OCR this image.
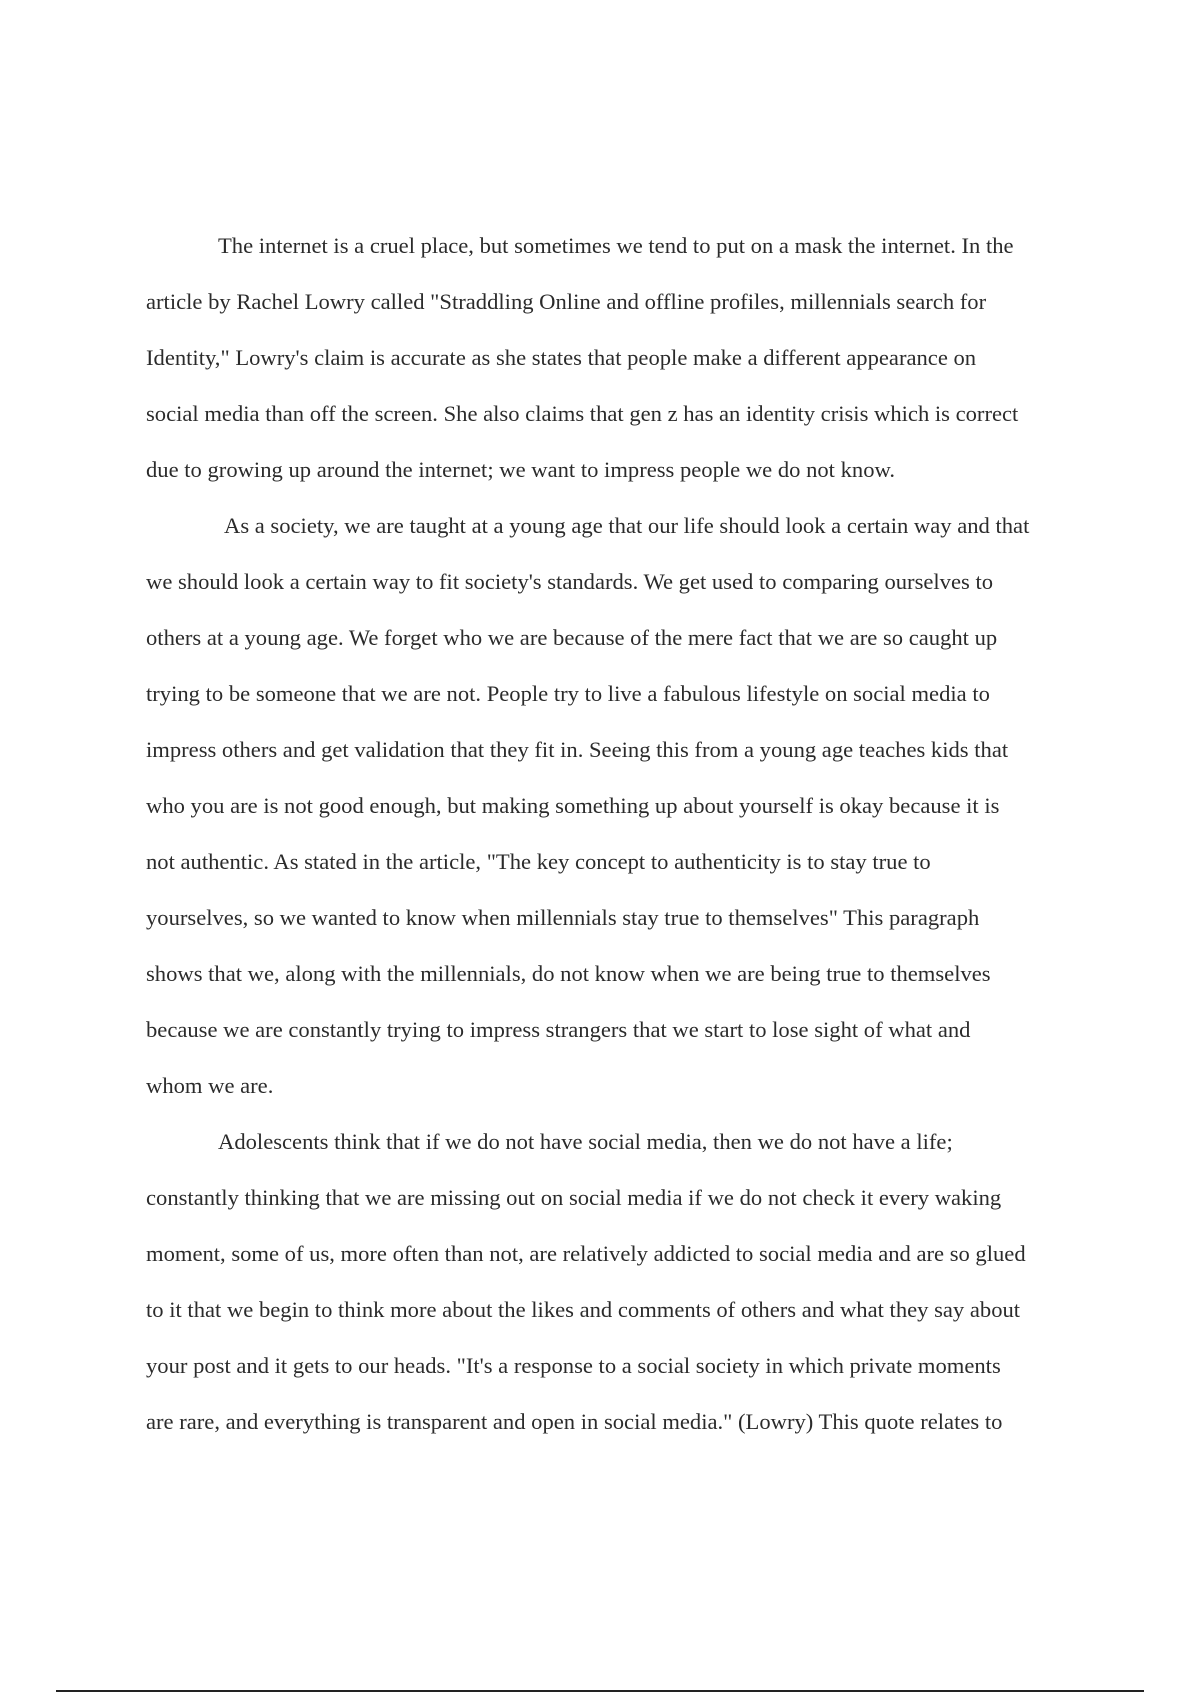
The internet is a cruel place, but sometimes we tend to put on a mask the internet. In the
article by Rachel Lowry called "Straddling Online and offline profiles, millennials search for
Identity," Lowry's claim is accurate as she states that people make a different appearance on
social media than off the screen. She also claims that gen z has an identity crisis which is correct
due to growing up around the internet; we want to impress people we do not know.
As a society, we are taught at a young age that our life should look a certain way and that
we should look a certain way to fit society's standards. We get used to comparing ourselves to
others at a young age. We forget who we are because of the mere fact that we are so caught up
trying to be someone that we are not. People try to live a fabulous lifestyle on social media to
impress others and get validation that they fit in. Seeing this from a young age teaches kids that
who you are is not good enough, but making something up about yourself is okay because it is
not authentic. As stated in the article, "The key concept to authenticity is to stay true to
yourselves, so we wanted to know when millennials stay true to themselves" This paragraph
shows that we, along with the millennials, do not know when we are being true to themselves
because we are constantly trying to impress strangers that we start to lose sight of what and
whom we are.
Adolescents think that if we do not have social media, then we do not have a life;
constantly thinking that we are missing out on social media if we do not check it every waking
moment, some of us, more often than not, are relatively addicted to social media and are so glued
to it that we begin to think more about the likes and comments of others and what they say about
your post and it gets to our heads. "It's a response to a social society in which private moments
are rare, and everything is transparent and open in social media." (Lowry) This quote relates to
